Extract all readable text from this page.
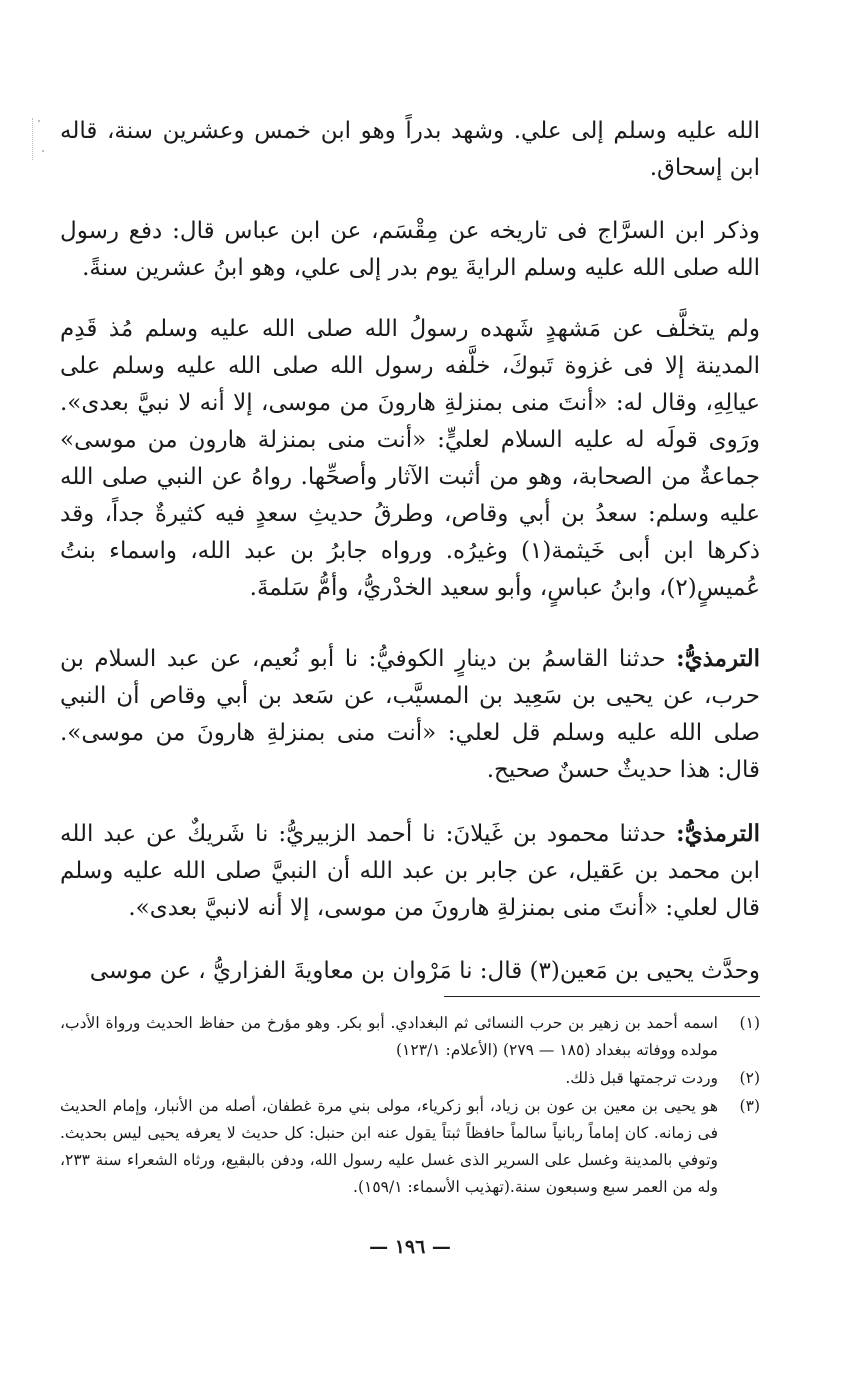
الله عليه وسلم إلى علي. وشهد بدراً وهو ابن خمس وعشرين سنة، قاله ابن إسحاق.

وذكر ابن السرَّاج فى تاريخه عن مِقْسَم، عن ابن عباس قال: دفع رسول الله صلى الله عليه وسلم الرايةَ يوم بدر إلى علي، وهو ابنُ عشرين سنةً.

ولم يتخلَّف عن مَشهدٍ شَهده رسولُ الله صلى الله عليه وسلم مُذ قَدِم المدينة إلا فى غزوة تَبوكَ، خلَّفه رسول الله صلى الله عليه وسلم على عيالِهِ، وقال له: «أنتَ منى بمنزلةِ هارونَ من موسى، إلا أنه لا نبيَّ بعدى». ورَوى قولَه له عليه السلام لعليٍّ: «أنت منى بمنزلة هارون من موسى» جماعةٌ من الصحابة، وهو من أثبت الآثار وأصحِّها. رواهُ عن النبي صلى الله عليه وسلم: سعدُ بن أبي وقاص، وطرقُ حديثِ سعدٍ فيه كثيرةٌ جداً، وقد ذكرها ابن أبى خَيثمة(١) وغيرُه. ورواه جابرُ بن عبد الله، واسماء بنتُ عُميسٍ(٢)، وابنُ عباسٍ، وأبو سعيد الخدْريُّ، وأمُّ سَلمةَ.

الترمذيُّ: حدثنا القاسمُ بن دينارٍ الكوفيُّ: نا أبو نُعيم، عن عبد السلام بن حرب، عن يحيى بن سَعِيد بن المسيَّب، عن سَعد بن أبي وقاص أن النبي صلى الله عليه وسلم قل لعلي: «أنت منى بمنزلةِ هارونَ من موسى». قال: هذا حديثٌ حسنٌ صحيح.

الترمذيُّ: حدثنا محمود بن غَيلانَ: نا أحمد الزبيريُّ: نا شَريكٌ عن عبد الله ابن محمد بن عَقيل، عن جابر بن عبد الله أن النبيَّ صلى الله عليه وسلم قال لعلي: «أنتَ منى بمنزلةِ هارونَ من موسى، إلا أنه لانبيَّ بعدى».

وحدَّث يحيى بن مَعين(٣) قال: نا مَرْوان بن معاويةَ الفزاريُّ ، عن موسى

(١)
اسمه أحمد بن زهير بن حرب النسائى ثم البغدادي. أبو بكر. وهو مؤرخ من حفاظ الحديث ورواة الأدب، مولده ووفاته ببغداد (١٨٥ — ٢٧٩) (الأعلام: ١٢٣/١)
(٢)
وردت ترجمتها قبل ذلك.
(٣)
هو يحيى بن معين بن عون بن زياد، أبو زكرياء، مولى بني مرة غطفان، أصله من الأنبار، وإمام الحديث فى زمانه. كان إماماً ربانياً سالماً حافظاً ثبتاً يقول عنه ابن حنبل: كل حديث لا يعرفه يحيى ليس بحديث. وتوفي بالمدينة وغسل على السرير الذى غسل عليه رسول الله، ودفن بالبقيع، ورثاه الشعراء سنة ٢٣٣، وله من العمر سبع وسبعون سنة.(تهذيب الأسماء: ١٥٩/١).
— ١٩٦ —
